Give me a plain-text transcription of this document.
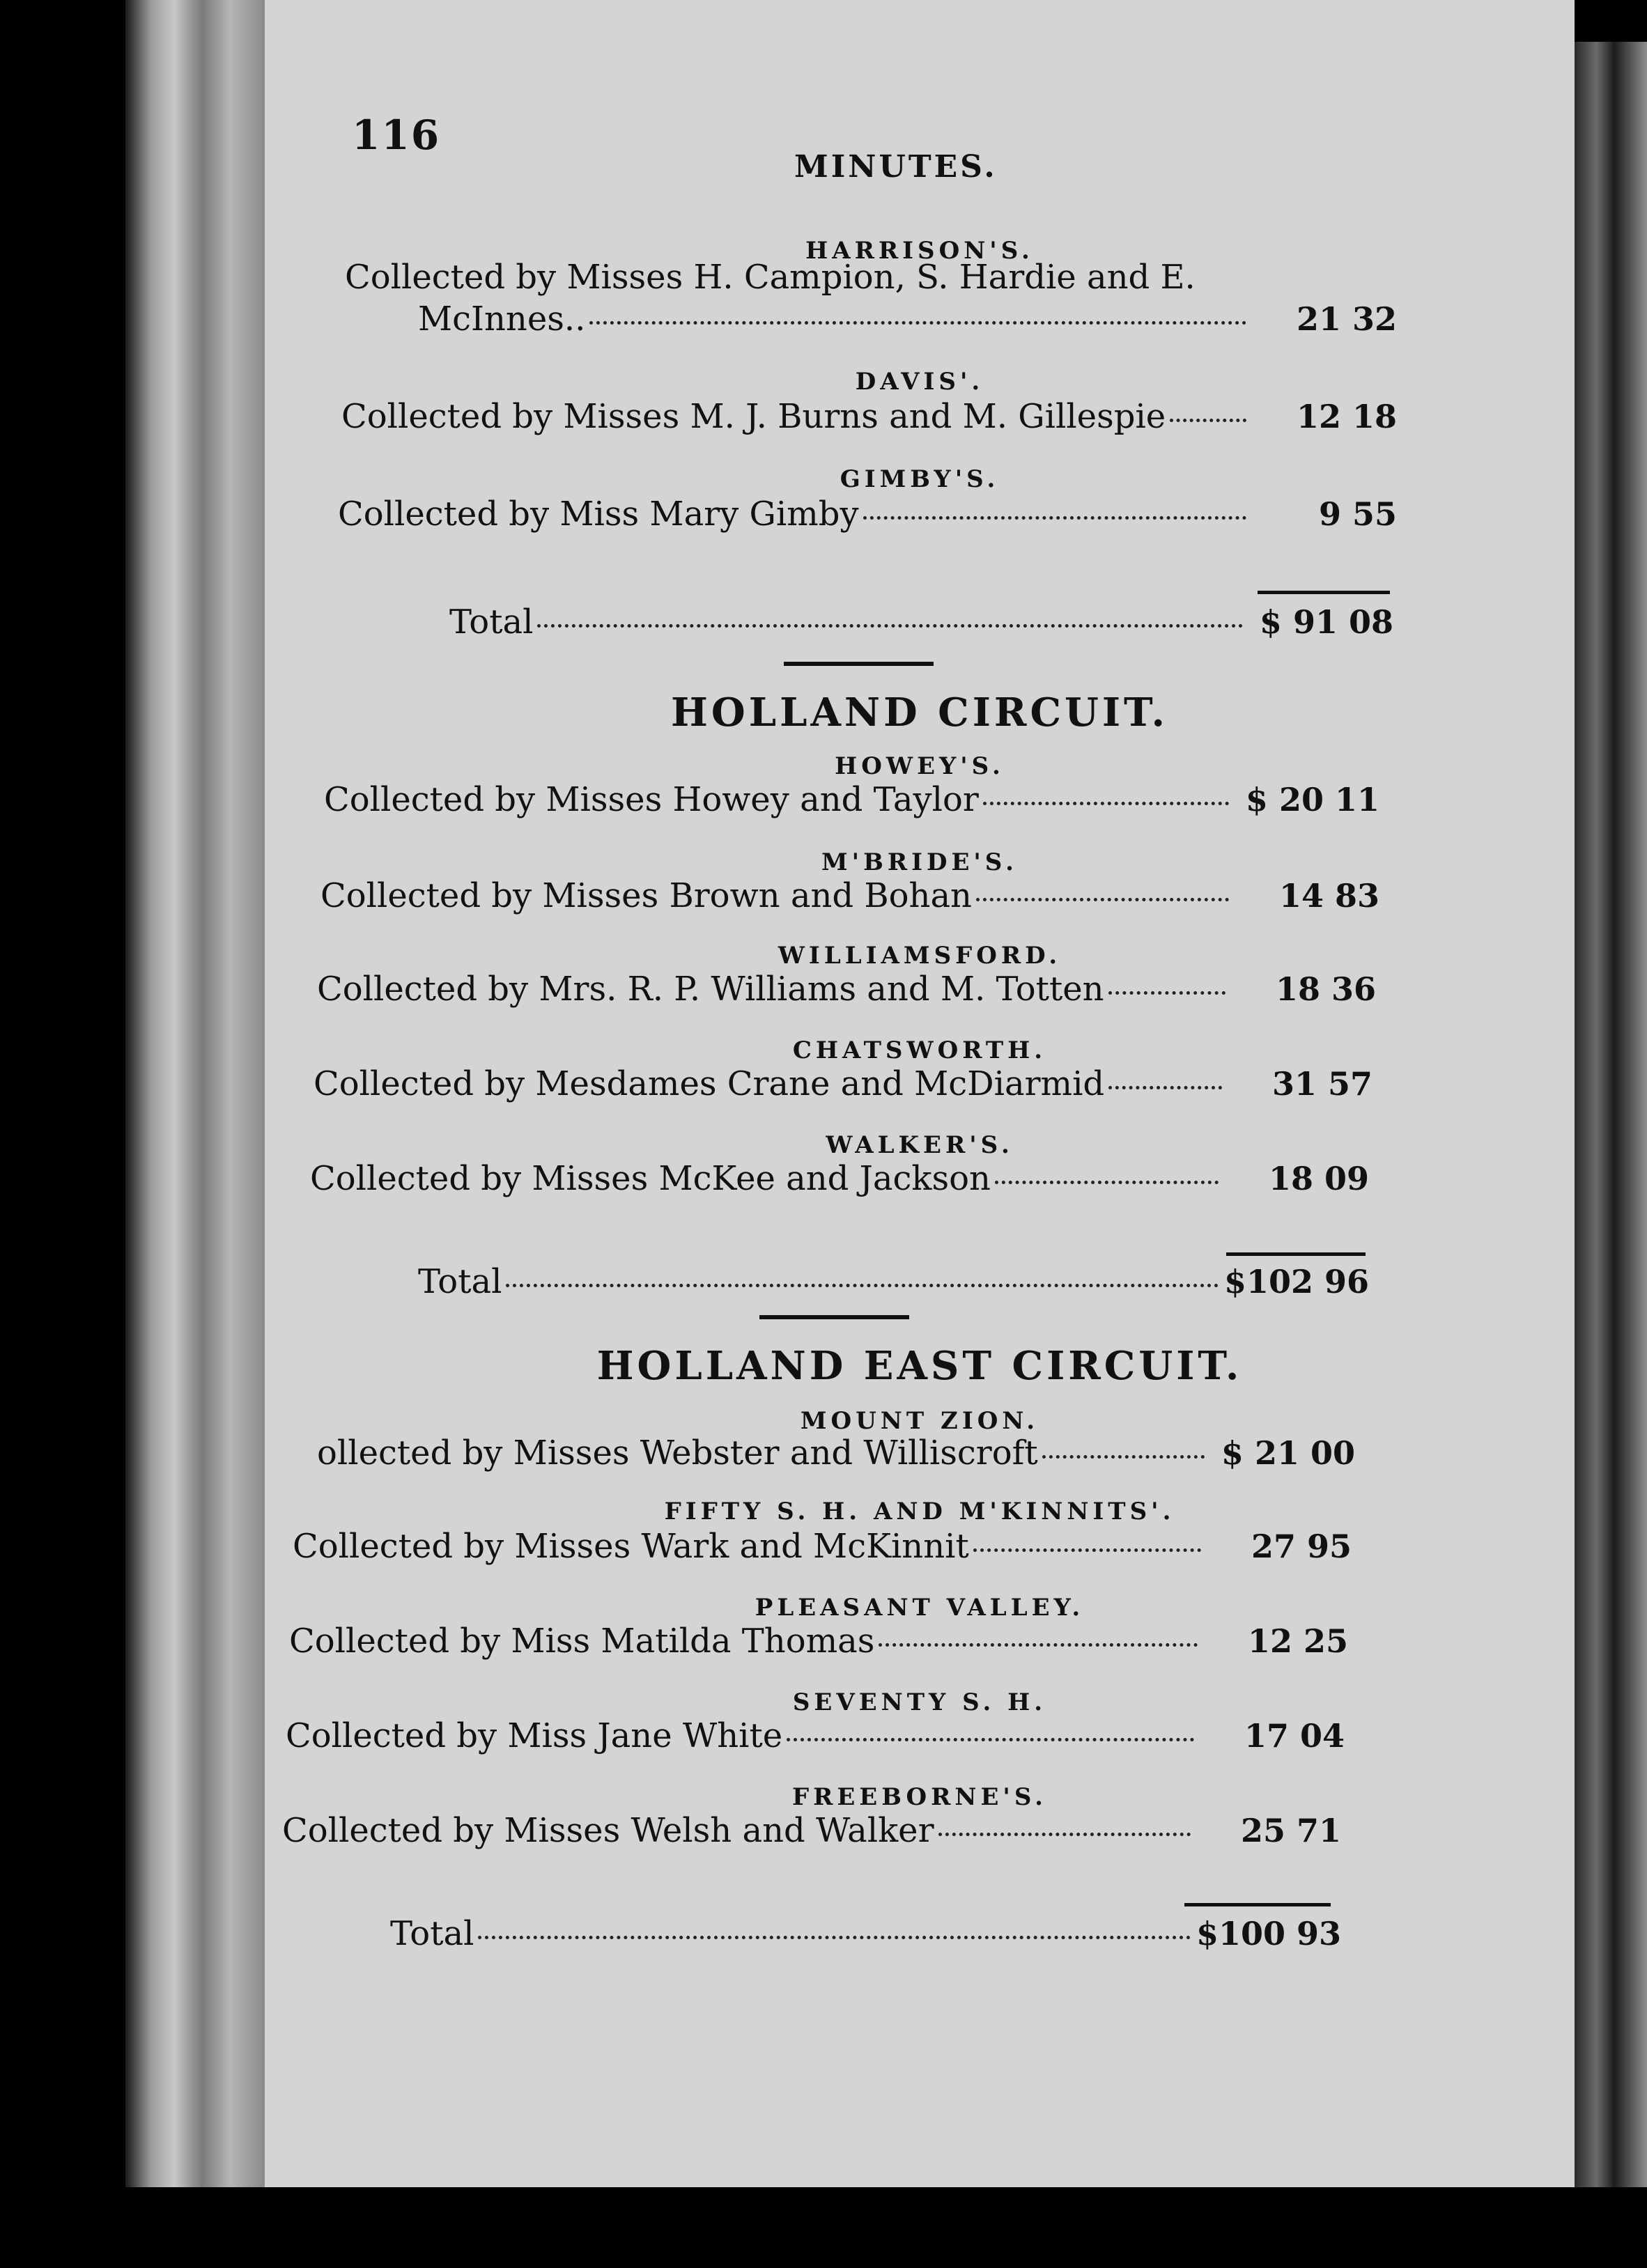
116
MINUTES.
HARRISON'S.
Collected by Misses H. Campion, S. Hardie and E.
McInnes..	21 32
DAVIS'.
Collected by Misses M. J. Burns and M. Gillespie	12 18
GIMBY'S.
Collected by Miss Mary Gimby	9 55
Total	$ 91 08
HOLLAND CIRCUIT.
HOWEY'S.
Collected by Misses Howey and Taylor	$ 20 11
M'BRIDE'S.
Collected by Misses Brown and Bohan	14 83
WILLIAMSFORD.
Collected by Mrs. R. P. Williams and M. Totten	18 36
CHATSWORTH.
Collected by Mesdames Crane and McDiarmid	31 57
WALKER'S.
Collected by Misses McKee and Jackson	18 09
Total	$102 96
HOLLAND EAST CIRCUIT.
MOUNT ZION.
ollected by Misses Webster and Williscroft	$ 21 00
FIFTY S. H. AND M'KINNITS'.
Collected by Misses Wark and McKinnit	27 95
PLEASANT VALLEY.
Collected by Miss Matilda Thomas	12 25
SEVENTY S. H.
Collected by Miss Jane White	17 04
FREEBORNE'S.
Collected by Misses Welsh and Walker	25 71
Total	$100 93
